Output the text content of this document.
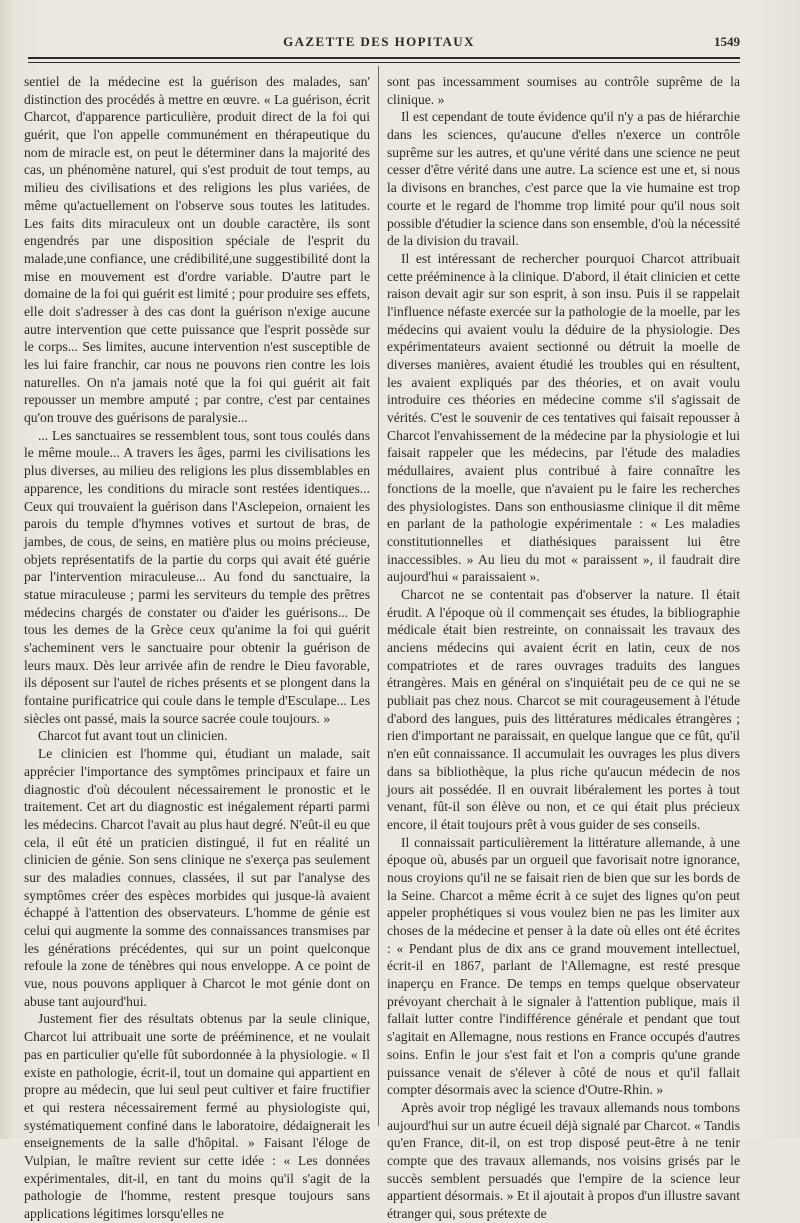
GAZETTE DES HOPITAUX	1549

sentiel de la médecine est la guérison des malades, san' distinction des procédés à mettre en œuvre. « La guérison, écrit Charcot, d'apparence particulière, produit direct de la foi qui guérit, que l'on appelle communément en thérapeutique du nom de miracle est, on peut le déterminer dans la majorité des cas, un phénomène naturel, qui s'est produit de tout temps, au milieu des civilisations et des religions les plus variées, de même qu'actuellement on l'observe sous toutes les latitudes. Les faits dits miraculeux ont un double caractère, ils sont engendrés par une disposition spéciale de l'esprit du malade,une confiance, une crédibilité,une suggestibilité dont la mise en mouvement est d'ordre variable. D'autre part le domaine de la foi qui guérit est limité ; pour produire ses effets, elle doit s'adresser à des cas dont la guérison n'exige aucune autre intervention que cette puissance que l'esprit possède sur le corps... Ses limites, aucune intervention n'est susceptible de les lui faire franchir, car nous ne pouvons rien contre les lois naturelles. On n'a jamais noté que la foi qui guérit ait fait repousser un membre amputé ; par contre, c'est par centaines qu'on trouve des guérisons de paralysie...

... Les sanctuaires se ressemblent tous, sont tous coulés dans le même moule... A travers les âges, parmi les civilisations les plus diverses, au milieu des religions les plus dissemblables en apparence, les conditions du miracle sont restées identiques... Ceux qui trouvaient la guérison dans l'Asclepeion, ornaient les parois du temple d'hymnes votives et surtout de bras, de jambes, de cous, de seins, en matière plus ou moins précieuse, objets représentatifs de la partie du corps qui avait été guérie par l'intervention miraculeuse... Au fond du sanctuaire, la statue miraculeuse ; parmi les serviteurs du temple des prêtres médecins chargés de constater ou d'aider les guérisons... De tous les demes de la Grèce ceux qu'anime la foi qui guérit s'acheminent vers le sanctuaire pour obtenir la guérison de leurs maux. Dès leur arrivée afin de rendre le Dieu favorable, ils déposent sur l'autel de riches présents et se plongent dans la fontaine purificatrice qui coule dans le temple d'Esculape... Les siècles ont passé, mais la source sacrée coule toujours. »

Charcot fut avant tout un clinicien.

Le clinicien est l'homme qui, étudiant un malade, sait apprécier l'importance des symptômes principaux et faire un diagnostic d'où découlent nécessairement le pronostic et le traitement. Cet art du diagnostic est inégalement réparti parmi les médecins. Charcot l'avait au plus haut degré. N'eût-il eu que cela, il eût été un praticien distingué, il fut en réalité un clinicien de génie. Son sens clinique ne s'exerça pas seulement sur des maladies connues, classées, il sut par l'analyse des symptômes créer des espèces morbides qui jusque-là avaient échappé à l'attention des observateurs. L'homme de génie est celui qui augmente la somme des connaissances transmises par les générations précédentes, qui sur un point quelconque refoule la zone de ténèbres qui nous enveloppe. A ce point de vue, nous pouvons appliquer à Charcot le mot génie dont on abuse tant aujourd'hui.

Justement fier des résultats obtenus par la seule clinique, Charcot lui attribuait une sorte de prééminence, et ne voulait pas en particulier qu'elle fût subordonnée à la physiologie. « Il existe en pathologie, écrit-il, tout un domaine qui appartient en propre au médecin, que lui seul peut cultiver et faire fructifier et qui restera nécessairement fermé au physiologiste qui, systématiquement confiné dans le laboratoire, dédaignerait les enseignements de la salle d'hôpital. » Faisant l'éloge de Vulpian, le maître revient sur cette idée : « Les données expérimentales, dit-il, en tant du moins qu'il s'agit de la pathologie de l'homme, restent presque toujours sans applications légitimes lorsqu'elles ne

sont pas incessamment soumises au contrôle suprême de la clinique. »

Il est cependant de toute évidence qu'il n'y a pas de hiérarchie dans les sciences, qu'aucune d'elles n'exerce un contrôle suprême sur les autres, et qu'une vérité dans une science ne peut cesser d'être vérité dans une autre. La science est une et, si nous la divisons en branches, c'est parce que la vie humaine est trop courte et le regard de l'homme trop limité pour qu'il nous soit possible d'étudier la science dans son ensemble, d'où la nécessité de la division du travail.

Il est intéressant de rechercher pourquoi Charcot attribuait cette prééminence à la clinique. D'abord, il était clinicien et cette raison devait agir sur son esprit, à son insu. Puis il se rappelait l'influence néfaste exercée sur la pathologie de la moelle, par les médecins qui avaient voulu la déduire de la physiologie. Des expérimentateurs avaient sectionné ou détruit la moelle de diverses manières, avaient étudié les troubles qui en résultent, les avaient expliqués par des théories, et on avait voulu introduire ces théories en médecine comme s'il s'agissait de vérités. C'est le souvenir de ces tentatives qui faisait repousser à Charcot l'envahissement de la médecine par la physiologie et lui faisait rappeler que les médecins, par l'étude des maladies médullaires, avaient plus contribué à faire connaître les fonctions de la moelle, que n'avaient pu le faire les recherches des physiologistes. Dans son enthousiasme clinique il dit même en parlant de la pathologie expérimentale : « Les maladies constitutionnelles et diathésiques paraissent lui être inaccessibles. » Au lieu du mot « paraissent », il faudrait dire aujourd'hui « paraissaient ».

Charcot ne se contentait pas d'observer la nature. Il était érudit. A l'époque où il commençait ses études, la bibliographie médicale était bien restreinte, on connaissait les travaux des anciens médecins qui avaient écrit en latin, ceux de nos compatriotes et de rares ouvrages traduits des langues étrangères. Mais en général on s'inquiétait peu de ce qui ne se publiait pas chez nous. Charcot se mit courageusement à l'étude d'abord des langues, puis des littératures médicales étrangères ; rien d'important ne paraissait, en quelque langue que ce fût, qu'il n'en eût connaissance. Il accumulait les ouvrages les plus divers dans sa bibliothèque, la plus riche qu'aucun médecin de nos jours ait possédée. Il en ouvrait libéralement les portes à tout venant, fût-il son élève ou non, et ce qui était plus précieux encore, il était toujours prêt à vous guider de ses conseils.

Il connaissait particulièrement la littérature allemande, à une époque où, abusés par un orgueil que favorisait notre ignorance, nous croyions qu'il ne se faisait rien de bien que sur les bords de la Seine. Charcot a même écrit à ce sujet des lignes qu'on peut appeler prophétiques si vous voulez bien ne pas les limiter aux choses de la médecine et penser à la date où elles ont été écrites : « Pendant plus de dix ans ce grand mouvement intellectuel, écrit-il en 1867, parlant de l'Allemagne, est resté presque inaperçu en France. De temps en temps quelque observateur prévoyant cherchait à le signaler à l'attention publique, mais il fallait lutter contre l'indifférence générale et pendant que tout s'agitait en Allemagne, nous restions en France occupés d'autres soins. Enfin le jour s'est fait et l'on a compris qu'une grande puissance venait de s'élever à côté de nous et qu'il fallait compter désormais avec la science d'Outre-Rhin. »

Après avoir trop négligé les travaux allemands nous tombons aujourd'hui sur un autre écueil déjà signalé par Charcot. « Tandis qu'en France, dit-il, on est trop disposé peut-être à ne tenir compte que des travaux allemands, nos voisins grisés par le succès semblent persuadés que l'empire de la science leur appartient désormais. » Et il ajoutait à propos d'un illustre savant étranger qui, sous prétexte de
